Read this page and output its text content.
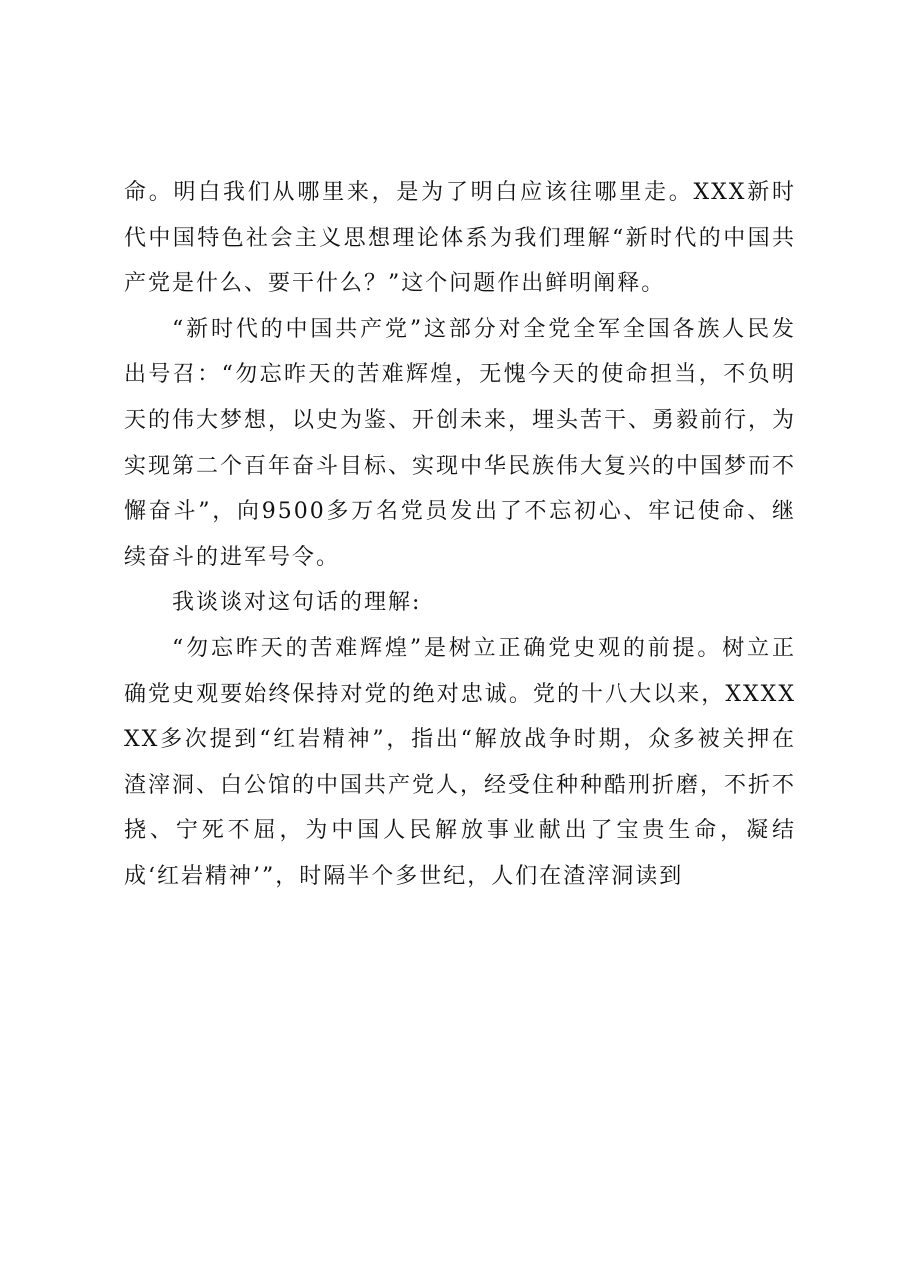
命。明白我们从哪里来，是为了明白应该往哪里走。XXX新时代中国特色社会主义思想理论体系为我们理解“新时代的中国共产党是什么、要干什么？”这个问题作出鲜明阐释。

“新时代的中国共产党”这部分对全党全军全国各族人民发出号召：“勿忘昨天的苦难辉煌，无愧今天的使命担当，不负明天的伟大梦想，以史为鉴、开创未来，埋头苦干、勇毅前行，为实现第二个百年奋斗目标、实现中华民族伟大复兴的中国梦而不懈奋斗”，向9500多万名党员发出了不忘初心、牢记使命、继续奋斗的进军号令。

我谈谈对这句话的理解:

“勿忘昨天的苦难辉煌”是树立正确党史观的前提。树立正确党史观要始终保持对党的绝对忠诚。党的十八大以来，XXXXXX多次提到“红岩精神”，指出“解放战争时期，众多被关押在渣滓洞、白公馆的中国共产党人，经受住种种酷刑折磨，不折不挠、宁死不屈，为中国人民解放事业献出了宝贵生命，凝结成‘红岩精神’”，时隔半个多世纪，人们在渣滓洞读到
